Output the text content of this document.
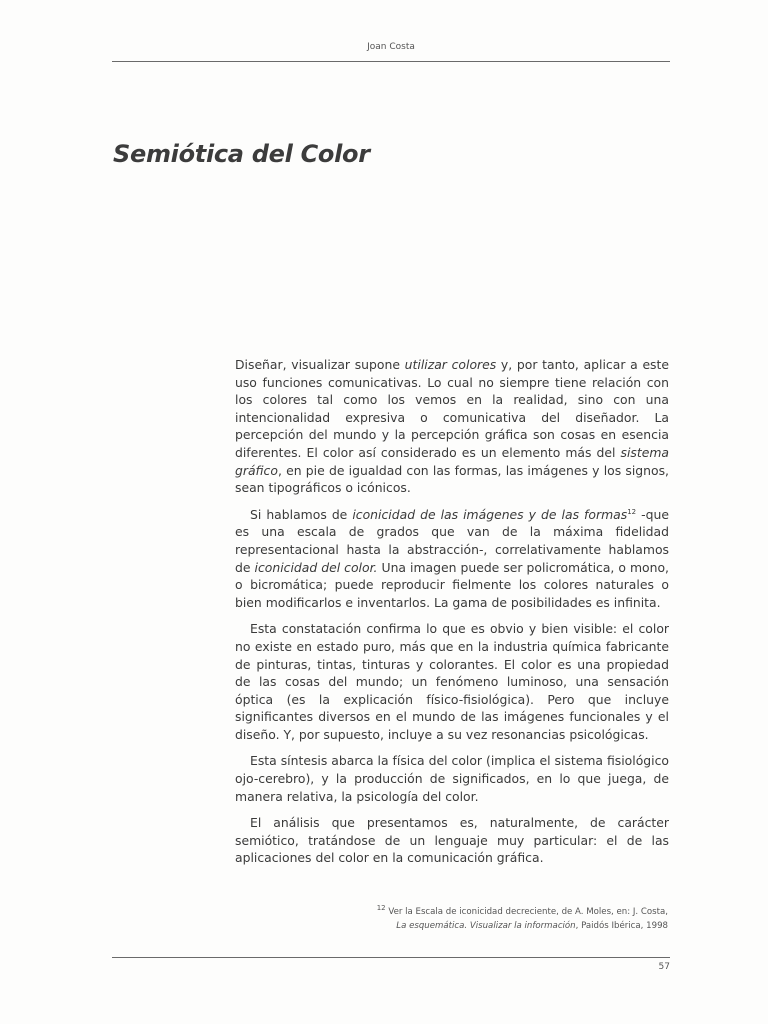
Joan Costa
Semiótica del Color

Diseñar, visualizar supone utilizar colores y, por tanto, aplicar a este uso funciones comunicativas. Lo cual no siempre tiene relación con los colores tal como los vemos en la realidad, sino con una intencionalidad expresiva o comunicativa del diseñador. La percepción del mundo y la percepción gráfica son cosas en esencia diferentes. El color así considerado es un elemento más del sistema gráfico, en pie de igualdad con las formas, las imágenes y los signos, sean tipográficos o icónicos.

Si hablamos de iconicidad de las imágenes y de las formas$^{12}$ -que es una escala de grados que van de la máxima fidelidad representacional hasta la abstracción-, correlativamente hablamos de iconicidad del color. Una imagen puede ser policromática, o mono, o bicromática; puede reproducir fielmente los colores naturales o bien modificarlos e inventarlos. La gama de posibilidades es infinita.

Esta constatación confirma lo que es obvio y bien visible: el color no existe en estado puro, más que en la industria química fabricante de pinturas, tintas, tinturas y colorantes. El color es una propiedad de las cosas del mundo; un fenómeno luminoso, una sensación óptica (es la explicación físico-fisiológica). Pero que incluye significantes diversos en el mundo de las imágenes funcionales y el diseño. Y, por supuesto, incluye a su vez resonancias psicológicas.

Esta síntesis abarca la física del color (implica el sistema fisiológico ojo-cerebro), y la producción de significados, en lo que juega, de manera relativa, la psicología del color.

El análisis que presentamos es, naturalmente, de carácter semiótico, tratándose de un lenguaje muy particular: el de las aplicaciones del color en la comunicación gráfica.

$^{12}$ Ver la Escala de iconicidad decreciente, de A. Moles, en: J. Costa,
La esquemática. Visualizar la información, Paidós Ibérica, 1998
57
